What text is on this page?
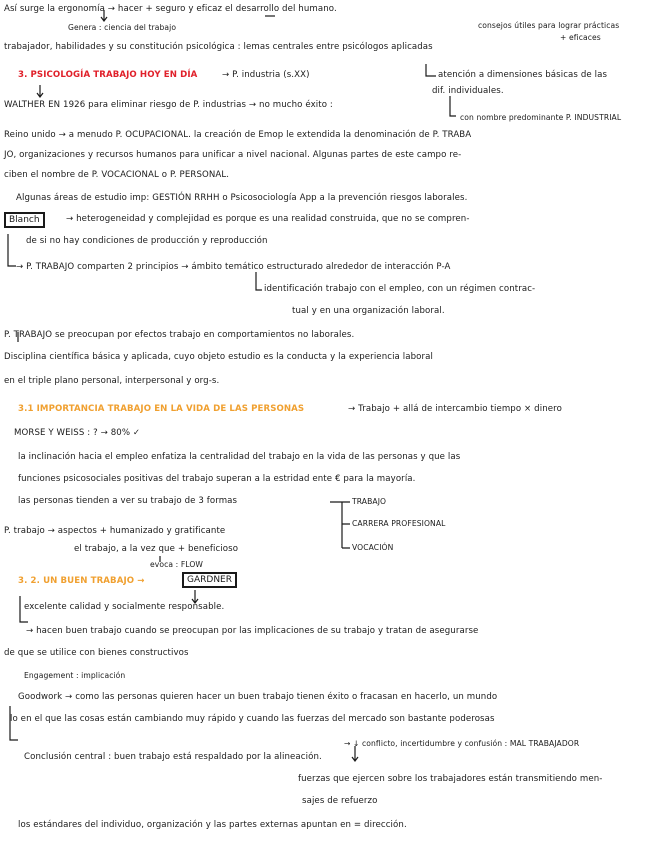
Así surge la ergonomía → hacer + seguro y eficaz el desarrollo del humano.
Genera : ciencia del trabajo	consejos útiles para lograr prácticas
+ eficaces
trabajador, habilidades y su constitución psicológica : lemas centrales entre psicólogos aplicadas
3. PSICOLOGÍA TRABAJO HOY EN DÍA	→ P. industria (s.XX)	atención a dimensiones básicas de las
dif. individuales.
WALTHER EN 1926 para eliminar riesgo de P. industrias → no mucho éxito :
con nombre predominante P. INDUSTRIAL
Reino unido → a menudo P. OCUPACIONAL. la creación de Emop le extendida la denominación de P. TRABA
JO, organizaciones y recursos humanos para unificar a nivel nacional. Algunas partes de este campo re-
ciben el nombre de P. VOCACIONAL o P. PERSONAL.
Algunas áreas de estudio imp: GESTIÓN RRHH o Psicosociología App a la prevención riesgos laborales.
Blanch	→ heterogeneidad y complejidad es porque es una realidad construida, que no se compren-
de si no hay condiciones de producción y reproducción
→ P. TRABAJO comparten 2 principios → ámbito temático estructurado alrededor de interacción P-A
identificación trabajo con el empleo, con un régimen contrac-
tual y en una organización laboral.
P. TRABAJO se preocupan por efectos trabajo en comportamientos no laborales.
Disciplina científica básica y aplicada, cuyo objeto estudio es la conducta y la experiencia laboral
en el triple plano personal, interpersonal y org-s.
3.1 IMPORTANCIA TRABAJO EN LA VIDA DE LAS PERSONAS	→ Trabajo + allá de intercambio tiempo × dinero
MORSE Y WEISS : ? → 80% ✓
la inclinación hacia el empleo enfatiza la centralidad del trabajo en la vida de las personas y que las
funciones psicosociales positivas del trabajo superan a la estridad ente € para la mayoría.
las personas tienden a ver su trabajo de 3 formas	TRABAJO
CARRERA PROFESIONAL
VOCACIÓN
P. trabajo → aspectos + humanizado y gratificante
el trabajo, a la vez que + beneficioso
evoca : FLOW
3. 2. UN BUEN TRABAJO →	GARDNER
excelente calidad y socialmente responsable.
→ hacen buen trabajo cuando se preocupan por las implicaciones de su trabajo y tratan de asegurarse
de que se utilice con bienes constructivos
Engagement : implicación
Goodwork → como las personas quieren hacer un buen trabajo tienen éxito o fracasan en hacerlo, un mundo
lo en el que las cosas están cambiando muy rápido y cuando las fuerzas del mercado son bastante poderosas
→ ↓ conflicto, incertidumbre y confusión : MAL TRABAJADOR
Conclusión central : buen trabajo está respaldado por la alineación.
fuerzas que ejercen sobre los trabajadores están transmitiendo men-
sajes de refuerzo
los estándares del individuo, organización y las partes externas apuntan en = dirección.
